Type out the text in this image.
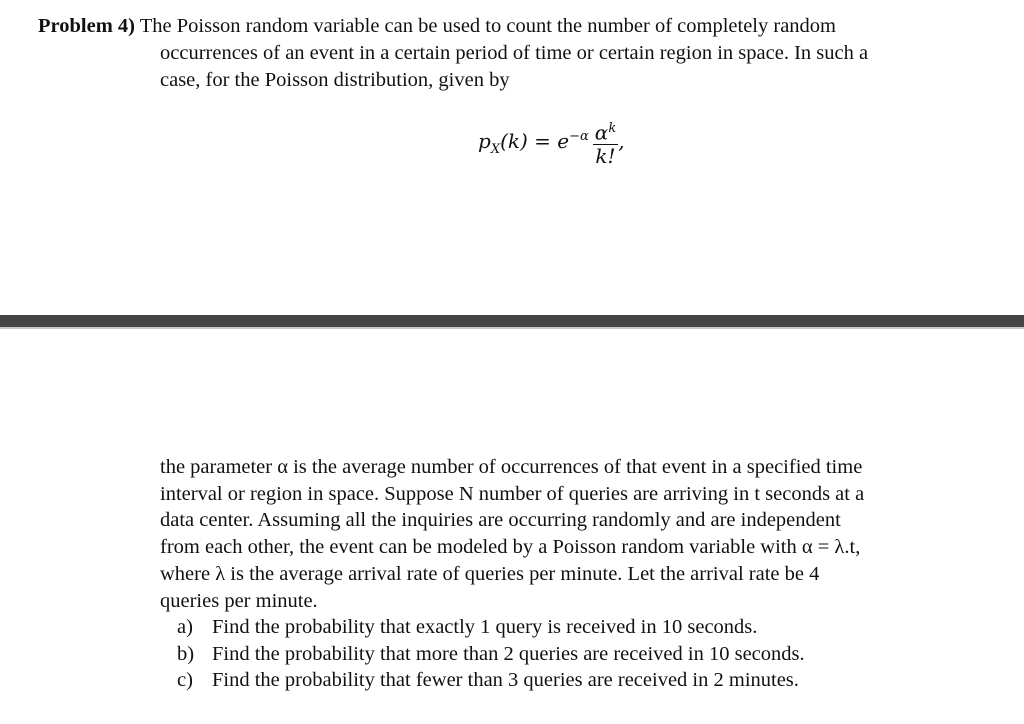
Problem 4) The Poisson random variable can be used to count the number of completely random
occurrences of an event in a certain period of time or certain region in space. In such a
case, for the Poisson distribution, given by
$p_X(k) = e^{-\alpha} \frac{\alpha^k}{k!}$ ,
the parameter α is the average number of occurrences of that event in a specified time
interval or region in space. Suppose N number of queries are arriving in t seconds at a
data center. Assuming all the inquiries are occurring randomly and are independent
from each other, the event can be modeled by a Poisson random variable with α = λ.t,
where λ is the average arrival rate of queries per minute. Let the arrival rate be 4
queries per minute.
a) Find the probability that exactly 1 query is received in 10 seconds.
b) Find the probability that more than 2 queries are received in 10 seconds.
c) Find the probability that fewer than 3 queries are received in 2 minutes.
